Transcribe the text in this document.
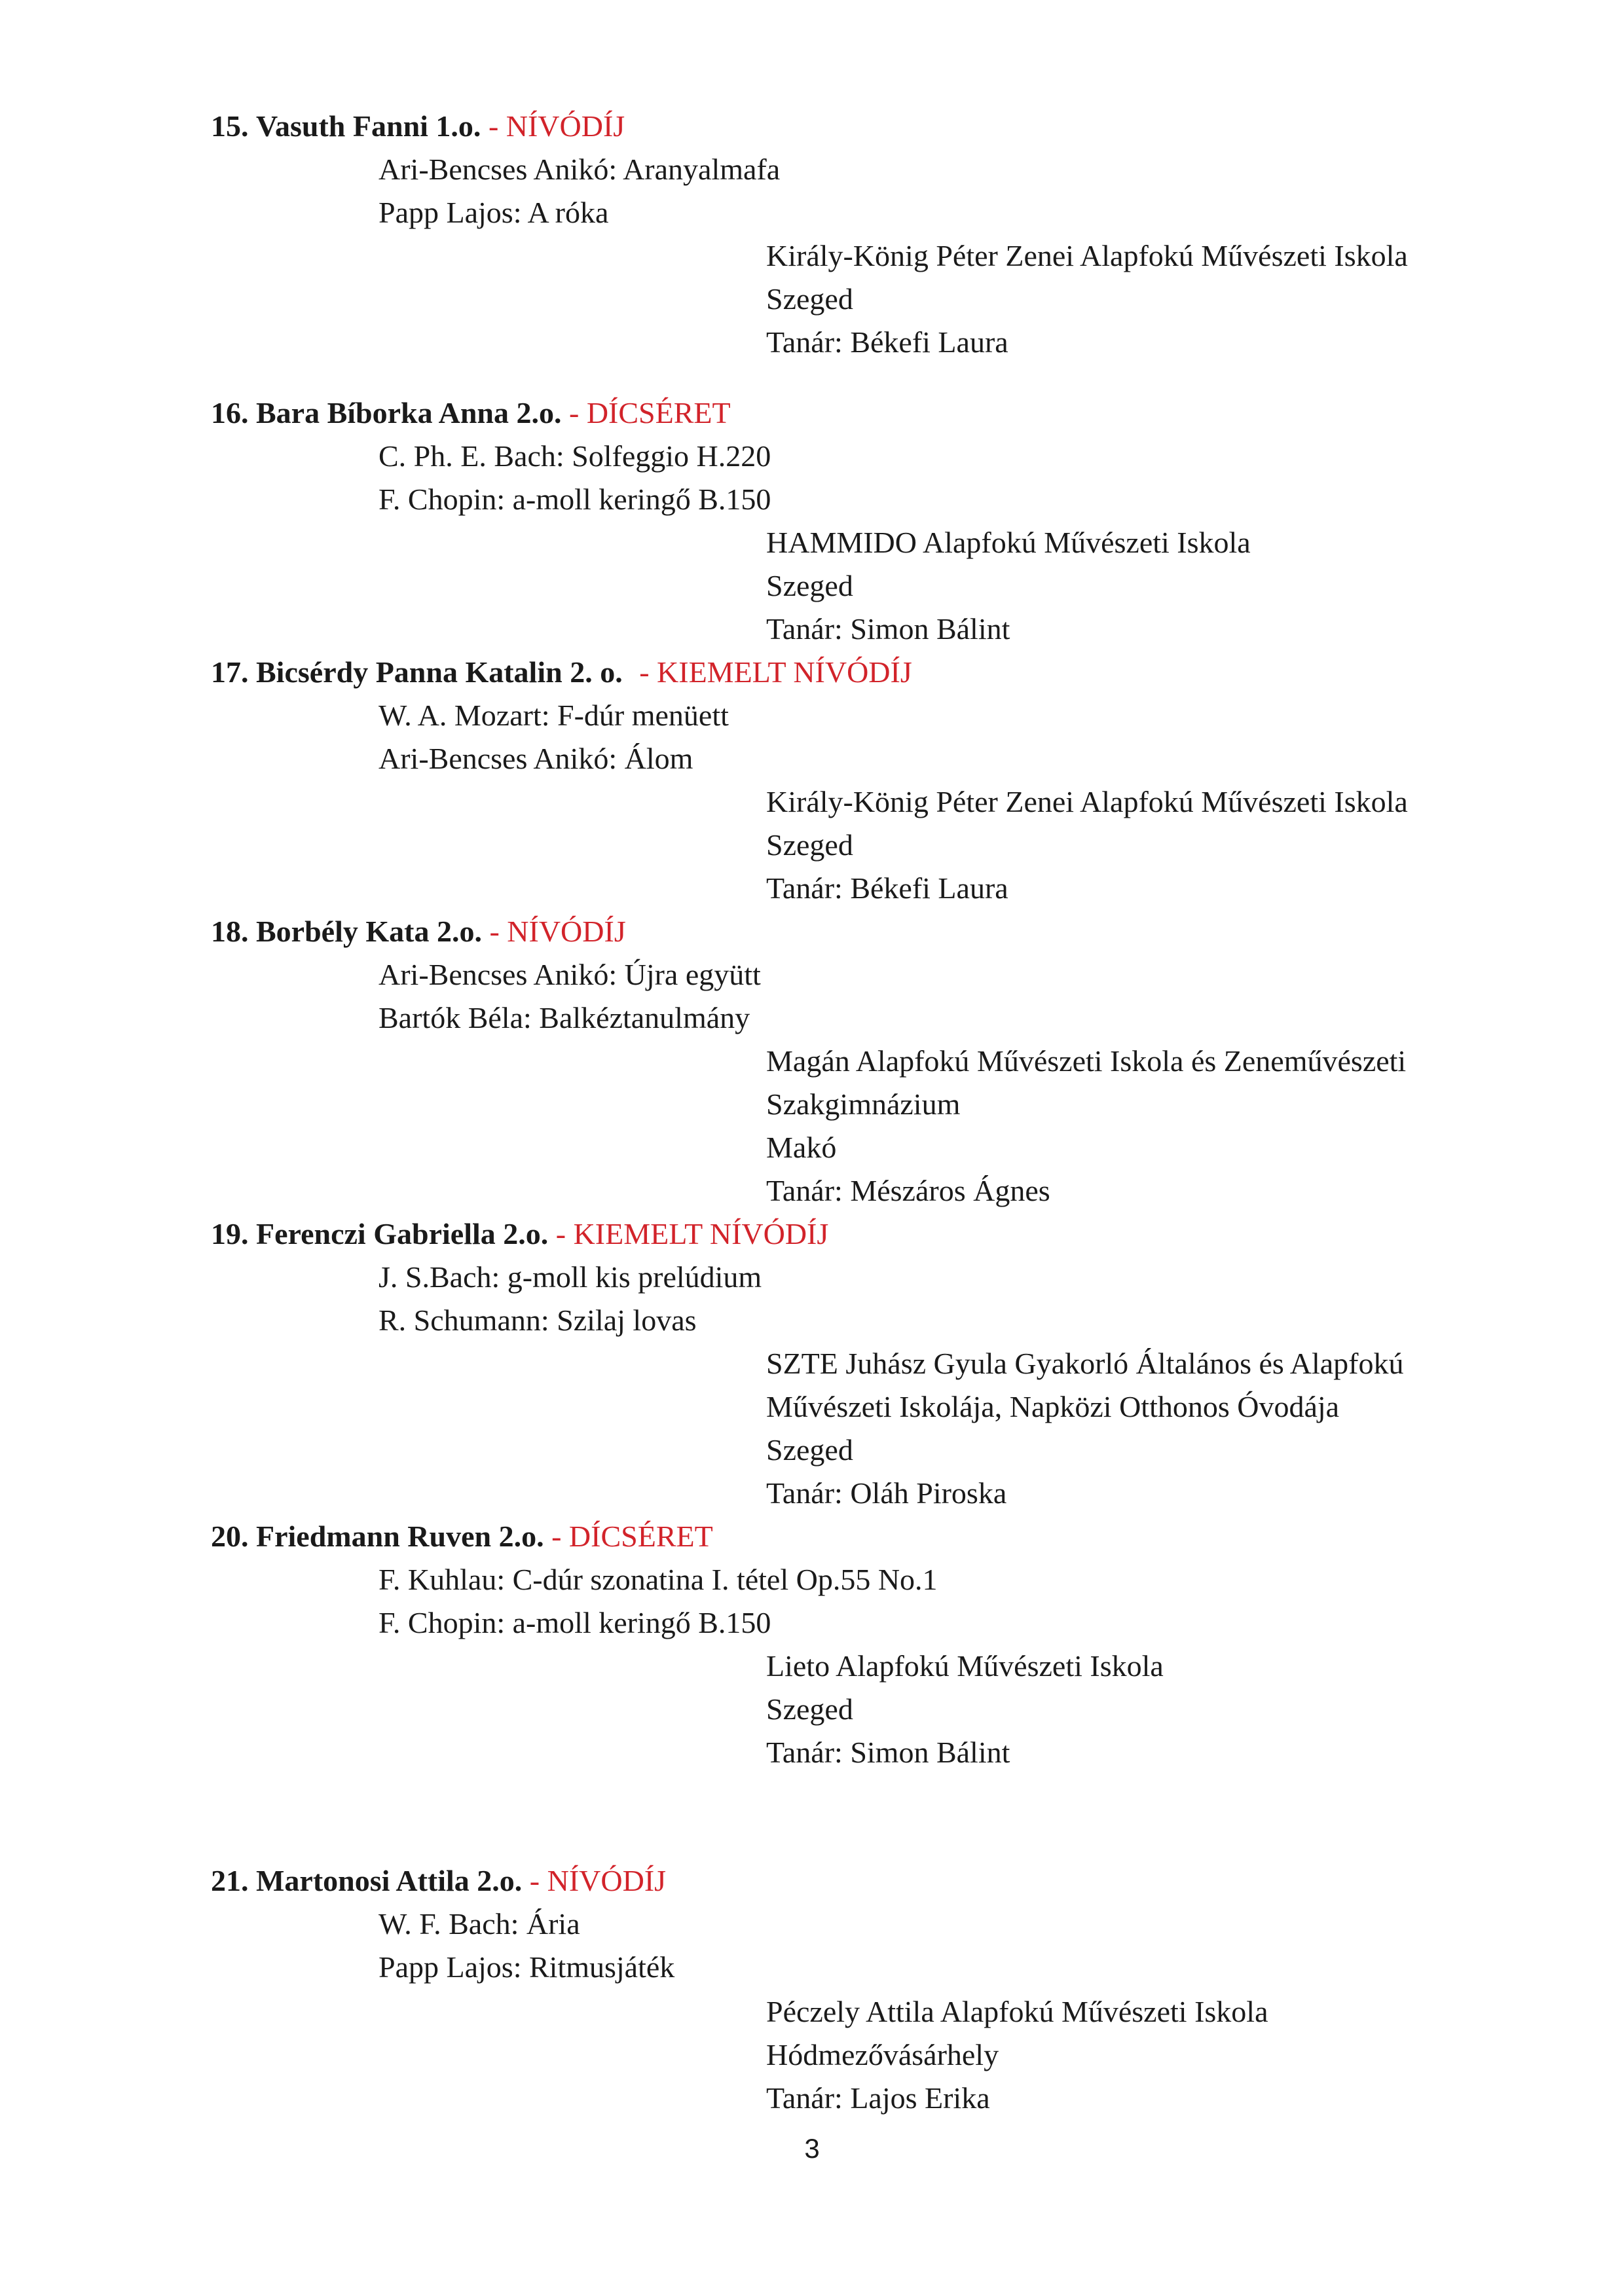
15. Vasuth Fanni 1.o. - NÍVÓDÍJ
Ari-Bencses Anikó: Aranyalmafa
Papp Lajos: A róka
Király-König Péter Zenei Alapfokú Művészeti Iskola
Szeged
Tanár: Békefi Laura
16. Bara Bíborka Anna 2.o. - DÍCSÉRET
C. Ph. E. Bach: Solfeggio H.220
F. Chopin: a-moll keringő B.150
HAMMIDO Alapfokú Művészeti Iskola
Szeged
Tanár: Simon Bálint
17. Bicsérdy Panna Katalin 2. o. - KIEMELT NÍVÓDÍJ
W. A. Mozart: F-dúr menüett
Ari-Bencses Anikó: Álom
Király-König Péter Zenei Alapfokú Művészeti Iskola
Szeged
Tanár: Békefi Laura
18. Borbély Kata 2.o. - NÍVÓDÍJ
Ari-Bencses Anikó: Újra együtt
Bartók Béla: Balkéztanulmány
Magán Alapfokú Művészeti Iskola és Zeneművészeti
Szakgimnázium
Makó
Tanár: Mészáros Ágnes
19. Ferenczi Gabriella 2.o. - KIEMELT NÍVÓDÍJ
J. S.Bach: g-moll kis prelúdium
R. Schumann: Szilaj lovas
SZTE Juhász Gyula Gyakorló Általános és Alapfokú
Művészeti Iskolája, Napközi Otthonos Óvodája
Szeged
Tanár: Oláh Piroska
20. Friedmann Ruven 2.o. - DÍCSÉRET
F. Kuhlau: C-dúr szonatina I. tétel Op.55 No.1
F. Chopin: a-moll keringő B.150
Lieto Alapfokú Művészeti Iskola
Szeged
Tanár: Simon Bálint
21. Martonosi Attila 2.o. - NÍVÓDÍJ
W. F. Bach: Ária
Papp Lajos: Ritmusjáték
Péczely Attila Alapfokú Művészeti Iskola
Hódmezővásárhely
Tanár: Lajos Erika
3
